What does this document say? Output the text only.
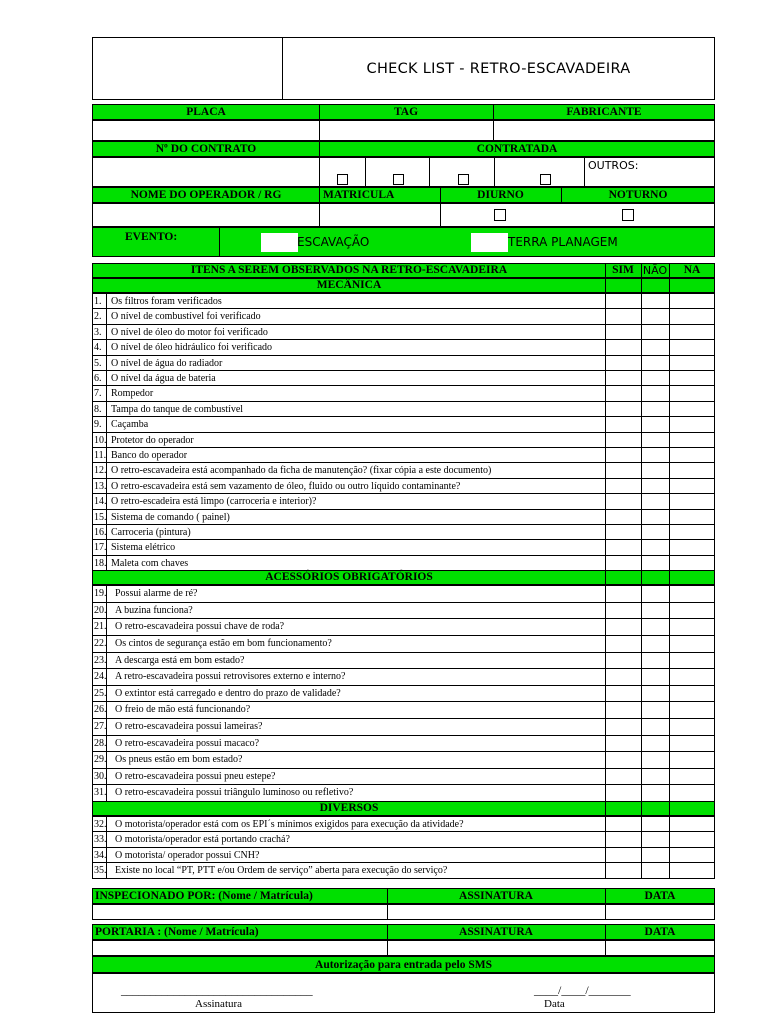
CHECK LIST - RETRO-ESCAVADEIRA
PLACA	TAG	FABRICANTE
Nº DO CONTRATO	CONTRATADA
OUTROS:
NOME DO OPERADOR / RG	MATRICULA	DIURNO	NOTURNO
EVENTO:	ESCAVAÇÃO	TERRA PLANAGEM
ITENS A SEREM OBSERVADOS NA RETRO-ESCAVADEIRA	SIM NÃO	NA
MECÂNICA
1. Os filtros foram verificados
2. O nível de combustível foi verificado
3. O nível de óleo do motor foi verificado
4. O nível de óleo hidráulico foi verificado
5. O nível de água do radiador
6. O nível da água de bateria
7. Rompedor
8. Tampa do tanque de combustível
9. Caçamba
10. Protetor do operador
11. Banco do operador
12. O retro-escavadeira está acompanhado da ficha de manutenção? (fixar cópia a este documento)
13. O retro-escavadeira está sem vazamento de óleo, fluido ou outro líquido contaminante?
14. O retro-escadeira está limpo (carroceria e interior)?
15. Sistema de comando ( painel)
16. Carroceria (pintura)
17. Sistema elétrico
18. Maleta com chaves
ACESSÓRIOS OBRIGATÓRIOS
19. Possui alarme de ré?
20. A buzina funciona?
21. O retro-escavadeira possui chave de roda?
22. Os cintos de segurança estão em bom funcionamento?
23. A descarga está em bom estado?
24. A retro-escavadeira possui retrovisores externo e interno?
25. O extintor está carregado e dentro do prazo de validade?
26. O freio de mão está funcionando?
27. O retro-escavadeira possui lameiras?
28. O retro-escavadeira possui macaco?
29. Os pneus estão em bom estado?
30. O retro-escavadeira possui pneu estepe?
31. O retro-escavadeira possui triângulo luminoso ou refletivo?
DIVERSOS
32. O motorista/operador está com os EPI´s mínimos exigidos para execução da atividade?
33. O motorista/operador está portando crachá?
34. O motorista/ operador possui CNH?
35. Existe no local “PT, PTT e/ou Ordem de serviço” aberta para execução do serviço?
INSPECIONADO POR: (Nome / Matrícula)	ASSINATURA	DATA
PORTARIA : (Nome / Matrícula)	ASSINATURA	DATA
Autorização para entrada pelo SMS
_________________________________
Assinatura
____/____/_______
Data
